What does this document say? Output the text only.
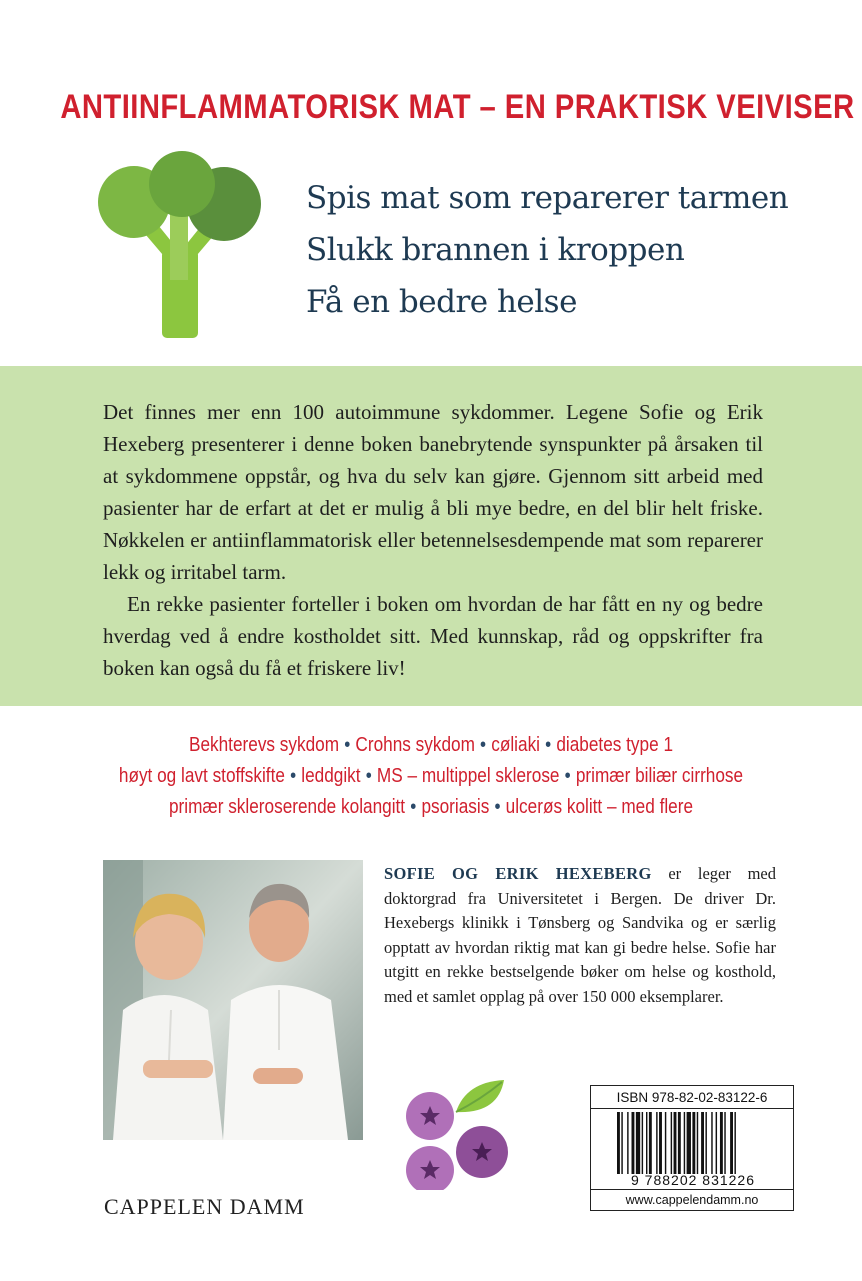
ANTIINFLAMMATORISK MAT – EN PRAKTISK VEIVISER
Spis mat som reparerer tarmen
Slukk brannen i kroppen
Få en bedre helse

Det finnes mer enn 100 autoimmune sykdommer. Legene Sofie og Erik Hexeberg presenterer i denne boken banebrytende synspunkter på årsaken til at sykdommene oppstår, og hva du selv kan gjøre. Gjennom sitt arbeid med pasienter har de erfart at det er mulig å bli mye bedre, en del blir helt friske. Nøkkelen er antiinflammatorisk eller betennelsesdempende mat som reparerer lekk og irritabel tarm.

En rekke pasienter forteller i boken om hvordan de har fått en ny og bedre hverdag ved å endre kostholdet sitt. Med kunnskap, råd og oppskrifter fra boken kan også du få et friskere liv!

Bekhterevs sykdom • Crohns sykdom • cøliaki • diabetes type 1
høyt og lavt stoffskifte • leddgikt • MS – multippel sklerose • primær biliær cirrhose
primær skleroserende kolangitt • psoriasis • ulcerøs kolitt – med flere
SOFIE OG ERIK HEXEBERG er leger med doktorgrad fra Universitetet i Bergen. De driver Dr. Hexebergs klinikk i Tønsberg og Sandvika og er særlig opptatt av hvordan riktig mat kan gi bedre helse. Sofie har utgitt en rekke bestselgende bøker om helse og kosthold, med et samlet opplag på over 150 000 eksemplarer.
CAPPELEN DAMM
ISBN 978-82-02-83122-6
9 788202 831226
www.cappelendamm.no
